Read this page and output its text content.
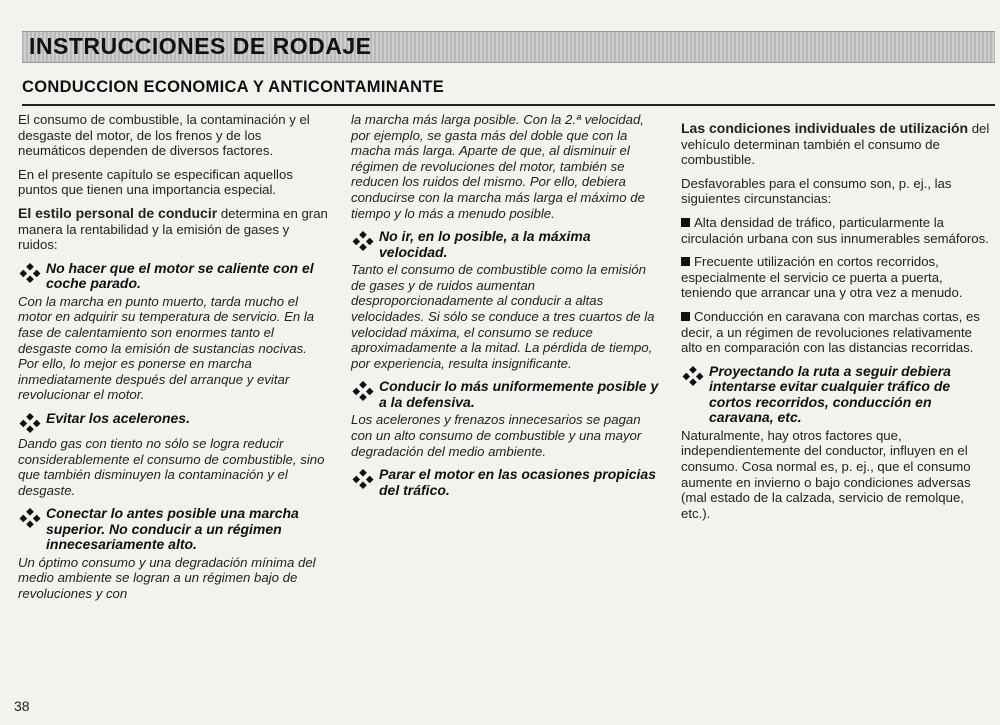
INSTRUCCIONES DE RODAJE
CONDUCCION ECONOMICA Y ANTICONTAMINANTE

El consumo de combustible, la contaminación y el desgaste del motor, de los frenos y de los neumáticos dependen de diversos factores.

En el presente capítulo se especifican aquellos puntos que tienen una importancia especial.

El estilo personal de conducir determina en gran manera la rentabilidad y la emisión de gases y ruidos:

No hacer que el motor se caliente con el coche parado.

Con la marcha en punto muerto, tarda mucho el motor en adquirir su temperatura de servicio. En la fase de calentamiento son enormes tanto el desgaste como la emisión de sustancias nocivas. Por ello, lo mejor es ponerse en marcha inmediatamente después del arranque y evitar revolucionar el motor.

Evitar los acelerones.

Dando gas con tiento no sólo se logra reducir considerablemente el consumo de combustible, sino que también disminuyen la contaminación y el desgaste.

Conectar lo antes posible una marcha superior. No conducir a un régimen innecesariamente alto.

Un óptimo consumo y una degradación mínima del medio ambiente se logran a un régimen bajo de revoluciones y con

la marcha más larga posible. Con la 2.ª velocidad, por ejemplo, se gasta más del doble que con la macha más larga. Aparte de que, al disminuir el régimen de revoluciones del motor, también se reducen los ruidos del mismo. Por ello, debiera conducirse con la marcha más larga el máximo de tiempo y lo más a menudo posible.

No ir, en lo posible, a la máxima velocidad.

Tanto el consumo de combustible como la emisión de gases y de ruidos aumentan desproporcionadamente al conducir a altas velocidades. Si sólo se conduce a tres cuartos de la velocidad máxima, el consumo se reduce aproximadamente a la mitad. La pérdida de tiempo, por experiencia, resulta insignificante.

Conducir lo más uniformemente posible y a la defensiva.

Los acelerones y frenazos innecesarios se pagan con un alto consumo de combustible y una mayor degradación del medio ambiente.

Parar el motor en las ocasiones propicias del tráfico.

Las condiciones individuales de utilización del vehículo determinan también el consumo de combustible.

Desfavorables para el consumo son, p. ej., las siguientes circunstancias:

Alta densidad de tráfico, particularmente la circulación urbana con sus innumerables semáforos.

Frecuente utilización en cortos recorridos, especialmente el servicio ce puerta a puerta, teniendo que arrancar una y otra vez a menudo.

Conducción en caravana con marchas cortas, es decir, a un régimen de revoluciones relativamente alto en comparación con las distancias recorridas.

Proyectando la ruta a seguir debiera intentarse evitar cualquier tráfico de cortos recorridos, conducción en caravana, etc.

Naturalmente, hay otros factores que, independientemente del conductor, influyen en el consumo. Cosa normal es, p. ej., que el consumo aumente en invierno o bajo condiciones adversas (mal estado de la calzada, servicio de remolque, etc.).

38
